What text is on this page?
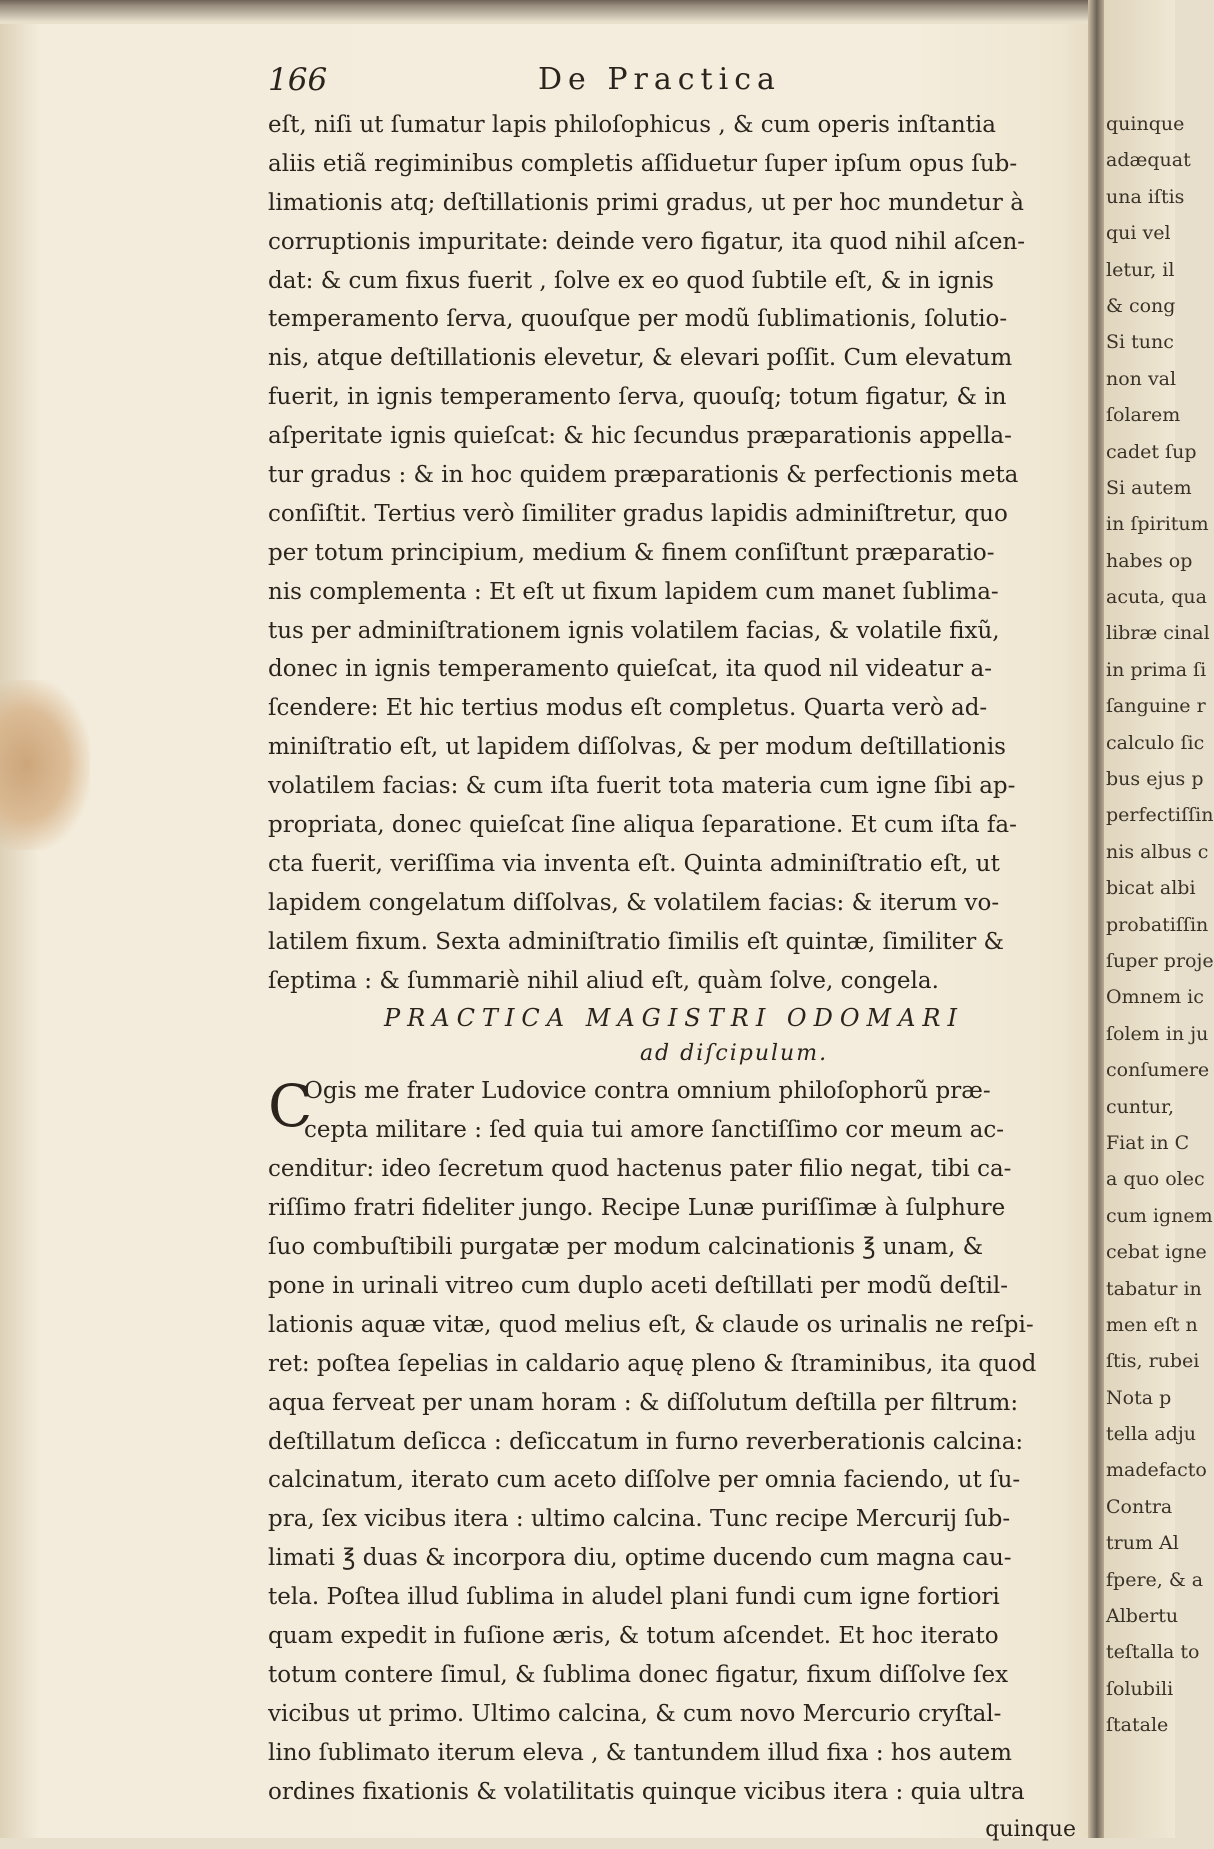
166	De Practica
eſt, niſi ut ſumatur lapis philoſophicus , & cum operis inſtantia
aliis etiã regiminibus completis aſſiduetur ſuper ipſum opus ſub-
limationis atq; deſtillationis primi gradus, ut per hoc mundetur à
corruptionis impuritate: deinde vero figatur, ita quod nihil aſcen-
dat: & cum fixus fuerit , ſolve ex eo quod ſubtile eſt, & in ignis
temperamento ſerva, quouſque per modũ ſublimationis, ſolutio-
nis, atque deſtillationis elevetur, & elevari poſſit. Cum elevatum
fuerit, in ignis temperamento ſerva, quouſq; totum figatur, & in
aſperitate ignis quieſcat: & hic ſecundus præparationis appella-
tur gradus : & in hoc quidem præparationis & perfectionis meta
conſiſtit. Tertius verò ſimiliter gradus lapidis adminiſtretur, quo
per totum principium, medium & finem conſiſtunt præparatio-
nis complementa : Et eſt ut fixum lapidem cum manet ſublima-
tus per adminiſtrationem ignis volatilem facias, & volatile fixũ,
donec in ignis temperamento quieſcat, ita quod nil videatur a-
ſcendere: Et hic tertius modus eſt completus. Quarta verò ad-
miniſtratio eſt, ut lapidem diſſolvas, & per modum deſtillationis
volatilem facias: & cum iſta fuerit tota materia cum igne ſibi ap-
propriata, donec quieſcat ſine aliqua ſeparatione. Et cum iſta fa-
cta fuerit, veriſſima via inventa eſt. Quinta adminiſtratio eſt, ut
lapidem congelatum diſſolvas, & volatilem facias: & iterum vo-
latilem fixum. Sexta adminiſtratio ſimilis eſt quintæ, ſimiliter &
ſeptima : & ſummariè nihil aliud eſt, quàm ſolve, congela.
PRACTICA MAGISTRI ODOMARI
ad diſcipulum.
C
Ogis me frater Ludovice contra omnium philoſophorũ præ-
cepta militare : ſed quia tui amore ſanctiſſimo cor meum ac-
cenditur: ideo ſecretum quod hactenus pater filio negat, tibi ca-
riſſimo fratri fideliter jungo. Recipe Lunæ puriſſimæ à ſulphure
ſuo combuſtibili purgatæ per modum calcinationis ℥ unam, &
pone in urinali vitreo cum duplo aceti deſtillati per modũ deſtil-
lationis aquæ vitæ, quod melius eſt, & claude os urinalis ne reſpi-
ret: poſtea ſepelias in caldario aquę pleno & ſtraminibus, ita quod
aqua ferveat per unam horam : & diſſolutum deſtilla per filtrum:
deſtillatum deſicca : deſiccatum in furno reverberationis calcina:
calcinatum, iterato cum aceto diſſolve per omnia faciendo, ut ſu-
pra, ſex vicibus itera : ultimo calcina. Tunc recipe Mercurij ſub-
limati ℥ duas & incorpora diu, optime ducendo cum magna cau-
tela. Poſtea illud ſublima in aludel plani fundi cum igne fortiori
quam expedit in fuſione æris, & totum aſcendet. Et hoc iterato
totum contere ſimul, & ſublima donec figatur, fixum diſſolve ſex
vicibus ut primo. Ultimo calcina, & cum novo Mercurio cryſtal-
lino ſublimato iterum eleva , & tantundem illud fixa : hos autem
ordines fixationis & volatilitatis quinque vicibus itera : quia ultra
quinque
quinque
adæquat
una iſtis
qui vel
letur, il
& cong
Si tunc
non val
ſolarem
cadet ſup
Si autem
in ſpiritum
habes op
acuta, qua
libræ cinal
in prima ſi
ſanguine r
calculo ſic
bus ejus p
perfectiſſin
nis albus c
bicat albi
probatiſſin
ſuper proje
Omnem ic
ſolem in ju
conſumere
cuntur,
Fiat in C
a quo olec
cum ignem
cebat igne
tabatur in
men eſt n
ſtis, rubei
Nota p
tella adju
madefacto
Contra
trum Al
fpere, & a
Albertu
teſtalla to
ſolubili
ſtatale
